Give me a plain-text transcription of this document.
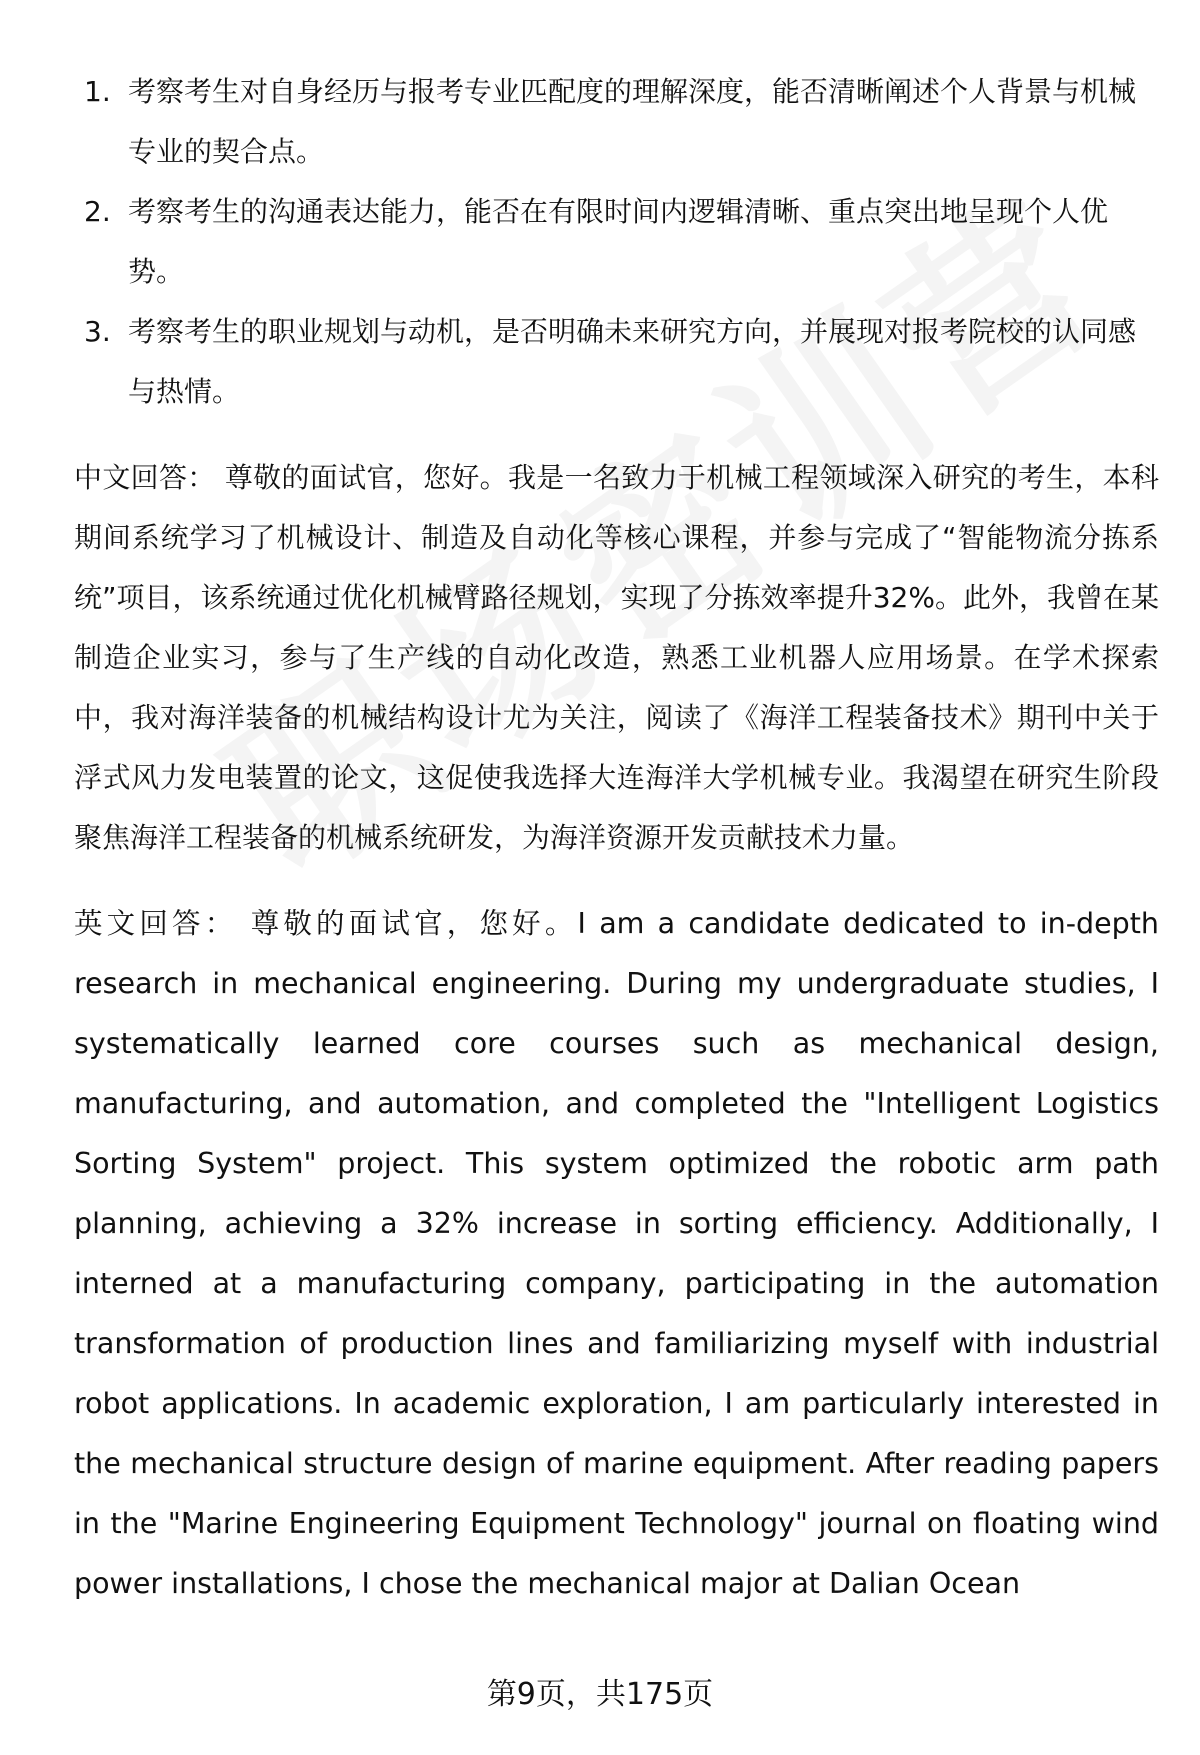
1. 考察考生对自身经历与报考专业匹配度的理解深度，能否清晰阐述个人背景与机械专业的契合点。
2. 考察考生的沟通表达能力，能否在有限时间内逻辑清晰、重点突出地呈现个人优势。
3. 考察考生的职业规划与动机，是否明确未来研究方向，并展现对报考院校的认同感与热情。

中文回答： 尊敬的面试官，您好。我是一名致力于机械工程领域深入研究的考生，本科期间系统学习了机械设计、制造及自动化等核心课程，并参与完成了“智能物流分拣系统”项目，该系统通过优化机械臂路径规划，实现了分拣效率提升32%。此外，我曾在某制造企业实习，参与了生产线的自动化改造，熟悉工业机器人应用场景。在学术探索中，我对海洋装备的机械结构设计尤为关注，阅读了《海洋工程装备技术》期刊中关于浮式风力发电装置的论文，这促使我选择大连海洋大学机械专业。我渴望在研究生阶段聚焦海洋工程装备的机械系统研发，为海洋资源开发贡献技术力量。

英文回答： 尊敬的面试官，您好。I am a candidate dedicated to in-depth research in mechanical engineering. During my undergraduate studies, I systematically learned core courses such as mechanical design, manufacturing, and automation, and completed the "Intelligent Logistics Sorting System" project. This system optimized the robotic arm path planning, achieving a 32% increase in sorting efficiency. Additionally, I interned at a manufacturing company, participating in the automation transformation of production lines and familiarizing myself with industrial robot applications. In academic exploration, I am particularly interested in the mechanical structure design of marine equipment. After reading papers in the "Marine Engineering Equipment Technology" journal on floating wind power installations, I chose the mechanical major at Dalian Ocean

第9页，共175页
